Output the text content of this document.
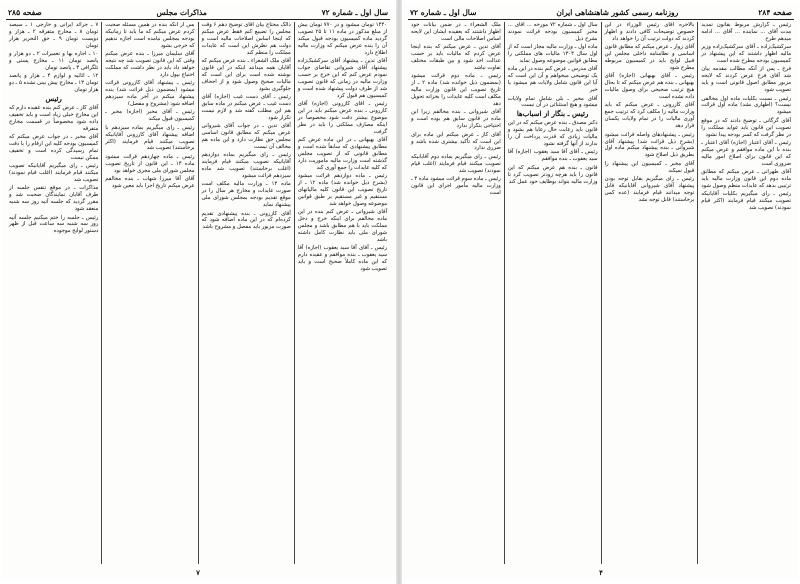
سال اول ـ شماره ۷۲
مذاکرات مجلس
صفحه ۲۸۵

۱۴۴۰ تومان میشود و در ۷۷۰ تومان بیش از مبلغ مذکور در ماده ۱۱ تا ۲۵ تصویب گردید ماده کمیسیون بودجه قبول میکند آن را بنده عرض میکنم که وزارت مالیه اطلاع دارد

آقای تدین ـ پیشنهاد آقای سرکشیک‌زاده پیشنهاد آقای شیروانی تقاضای جواب نمودم عرض کنم که این خرج بر حسب وزارت مالیه در زمانی که قانون تصویب شد از طرف دولت پیشنهاد شده است و کمیسیون هم قبول کرد

رئیس ـ اقای کازرونی (اجازه) آقای کازرونی ـ بنده عرض میکنم باید در این موضوع بیشتر دقت شود مخصوصاً در اینکه مصارف مملکتی را باید در نظر گرفت

آقای بهبهانی ـ در این ماده عرض کنم مطابق پیشنهادی که سابقاً شده است و مطابق قانونی که از تصویب مجلس گذشته است وزارت مالیه ماموریت دارد که کلیه عایدات را جمع آوری کند

رئیس ـ ماده دوازدهم قرائت میشود (بشرح ذیل خوانده شد) ماده ۱۲ ـ از تاریخ تصویب این قانون کلیه مالیاتهای مستقیم و غیر مستقیم بر طبق قوانین موضوعه وصول خواهد شد

آقای شیروانی ـ عرض کنم بنده در این ماده مخالفم برای اینکه خرج و دخل مملکت باید با هم مطابق باشد و مجلس شورای ملی باید نظارت کامل داشته باشد

رئیس ـ آقای آقا سید یعقوب (اجازه) آقا سید یعقوب ـ بنده موافقم و عقیده دارم که این ماده کاملاً صحیح است و باید تصویب شود

ذالک محتاج بیان آقای توضیح دهم ۶ وقت مجلس را تضییع کنم فقط عرض میکنم که اینجا اساس اصلاحات مالیه است و دولت هم نظرش این است که عایدات مملکت را منظم کند

آقای ملک الشعراء ـ بنده عرض میکنم که آقایان همه میدانند اینکه در این قانون نوشته شده است برای این است که مالیات صحیح وصول شود و از اجحاف جلوگیری بشود

رئیس ـ آقای دست غیب (اجازه) آقای دست غیب ـ عرض میکنم در ماده سابق هم این مطلب گفته شد و لازم نیست تکرار شود

آقای تدین ـ در جواب آقای شیروانی عرض میکنم که مطابق قانون اساسی مجلس حق نظارت دارد و این ماده هم مخالف آن نیست

رئیس ـ رای میگیریم بماده دوازدهم آقایانیکه تصویب میکنند قیام فرمایند (اغلب برخاستند) تصویب شد ماده سیزدهم قرائت میشود

ماده ۱۳ ـ وزارت مالیه مکلف است صورت عایدات و مخارج هر سال را در موقع تقدیم بودجه بمجلس شورای ملی پیشنهاد نماید

آقای کازرونی ـ بنده پیشنهادی تقدیم کرده‌ام که در این ماده اضافه شود که صورت مزبور باید مفصل و مشروح باشد

بس از آنکه بنده در همین مسئله صحبت کردم عرض میکنم که ما باید تا زمانیکه بودجه بمجلس نیامده است اجازه ندهیم که خرجی بشود

آقای سلیمان میرزا ـ بنده عرض میکنم وقتی که این قانون تصویب شد چه نتیجه خواهد داد باید در نظر داشت که مملکت احتیاج بپول دارد

رئیس ـ پیشنهاد آقای کازرونی قرائت میشود (بمضمون ذیل قرائت شد) بنده پیشنهاد میکنم در آخر ماده سیزدهم اضافه شود (مشروح و مفصل)

رئیس ـ آقای مخبر (اجازه) مخبر ـ کمیسیون قبول میکند

رئیس ـ رای میگیریم بماده سیزدهم با اضافه پیشنهاد آقای کازرونی آقایانیکه تصویب میکنند قیام فرمایند (اکثر برخاستند) تصویب شد

رئیس ـ ماده چهاردهم قرائت میشود ماده ۱۴ ـ این قانون از تاریخ تصویب مجلس شورای ملی مجری خواهد بود

آقای آقا میرزا شهاب ـ بنده مخالفم عرض میکنم تاریخ اجرا باید معین شود

۷ ـ جرائد ایرانی و خارجی ۱ ـ سیصد تومان ۸ ـ مخارج متفرقه ۲ ـ هزار و دویست تومان ۹ ـ حق التحریر هزار تومان

۱۰ ـ اجاره بها و تعمیرات ۲ ـ دو هزار و پانصد تومان ۱۱ ـ مخارج پستی و تلگرافی ۳ ـ پانصد تومان

۱۲ ـ اثاثیه و لوازم ۴ ـ هزار و پانصد تومان ۱۳ ـ مخارج پیش بینی نشده ۵ ـ دو هزار تومان

رئیس

آقای کاز ـ عرض کنم بنده عقیده دارم که این مخارج خیلی زیاد است و باید تخفیف داده شود مخصوصاً در قسمت مخارج متفرقه

آقای مخبر ـ در جواب عرض میکنم که کمیسیون بودجه کلیه این ارقام را با دقت تمام رسیدگی کرده است و تخفیف ممکن نیست

رئیس ـ رای میگیریم آقایانیکه تصویب میکنند قیام فرمایند (اغلب قیام نمودند) تصویب شد

مذاکرات ـ در موقع تنفس جلسه از طرف آقایان نمایندگان صحبت شد و مقرر گردید که جلسه آتیه روز سه شنبه منعقد شود

رئیس ـ جلسه را ختم میکنیم جلسه آتیه روز سه شنبه سه ساعت قبل از ظهر دستور لوایح موجوده

۷
صفحه ۲۸۴
روزنامه رسمی کشور شاهنشاهی ایران
سال اول ـ شماره ۷۲

رئیس ـ گزارش مربوط بقانون تمدید مدت آقای ... نماینده ... آقای ... ادامه میدهم طرح

سرکشیک‌زاده ـ آقای سرکشیک‌زاده وزیر مالیه اظهار داشتند که این پیشنهاد در کمیسیون بودجه مطرح شده است

فرخ ـ پس از آنکه مطالب مقدمه بیان شد آقای فرخ عرض کردند که لایحه مزبور مطابق اصول قانونی است و باید تصویب شود

رئیس ـ نسبت بکلیات ماده اول مخالفی نیست؟ (اظهاری نشد) ماده اول قرائت میشود

آقای گرگانی ـ توضیح دادند که در موقع تصویب این قانون باید عواید مملکت را در نظر گرفت که کسر بودجه پیدا نشود

رئیس ـ آقای اعتبار (اجازه) آقای اعتبار ـ بنده با این ماده موافقم و عرض میکنم که این قانون برای اصلاح امور مالیه ضروری است

آقای طهرانی ـ عرض میکنم که مطابق ماده دوم این قانون وزارت مالیه باید ترتیبی بدهد که عایدات منظم وصول شود

رئیس ـ رای میگیریم بکلیات آقایانیکه تصویب میکنند قیام فرمایند (اکثر قیام نمودند) تصویب شد

بالاخره آقای رئیس الوزراء در این خصوص توضیحات کافی دادند و اظهار کردند که دولت ترتیب آن را خواهد داد

آقای زوار ـ عرض میکنم که مطابق قانون اساسی و نظامنامه داخلی مجلس این قبیل لوایح باید در کمیسیون مربوطه مطرح شود

رئیس ـ آقای بهبهانی (اجازه) آقای بهبهانی ـ بنده هم عرض میکنم که تا بحال هیچ ترتیب صحیحی برای وصول مالیات داده نشده است

آقای کازرونی ـ عرض میکنم که باید وزارت مالیه را مکلف کرد که ترتیب جمع آوری مالیات را در تمام ولایات یکسان قرار دهد

رئیس ـ پیشنهادهای واصله قرائت میشود (بشرح ذیل قرائت شد) پیشنهاد آقای شیروانی ـ بنده پیشنهاد میکنم ماده اول بطریق ذیل اصلاح شود

آقای مخبر ـ کمیسیون این پیشنهاد را قبول نمیکند

رئیس ـ رای میگیریم بقابل توجه بودن پیشنهاد آقای شیروانی آقایانیکه قابل توجه میدانند قیام فرمایند (عده کمی برخاستند) قابل توجه نشد

سال اول ـ شماره ۷۲ مورخه ... آقای ... مخبر کمیسیون بودجه قرائت نمودند بشرح ذیل

ماده اول ـ وزارت مالیه مجاز است که از اول سال ۱۳۰۴ مالیات های مملکتی را مطابق قوانین موضوعه وصول نماید

آقای مدرس ـ عرض کنم بنده در این ماده یک توضیحی میخواهم و آن این است که آیا این قانون شامل ولایات هم میشود یا خیر

آقای مخبر ـ بلی شامل تمام ولایات میشود و هیچ استثنائی در آن نیست

رئیس ـ بنگار از اسباب‌ها

دکتر مصدق ـ بنده عرض میکنم که در این قانون باید رعایت حال رعایا هم بشود و مالیات زیادی که قدرت پرداخت آن را ندارند از آنها گرفته نشود

رئیس ـ آقای آقا سید یعقوب (اجازه) آقا سید یعقوب ـ بنده موافقم

قانون ـ بنده هم عرض میکنم که این قانون را باید هرچه زودتر تصویب کرد تا وزارت مالیه بتواند بوظایف خود عمل کند

ملک الشعراء ـ در ضمن بیانات خود اظهار داشتند که بعقیده ایشان این لایحه اساس اصلاحات مالی است

آقای تدین ـ عرض میکنم که بنده اینجا عرض کردم که مالیات باید بر حسب عدالت اخذ شود و بین طبقات مختلف تفاوت نباشد

رئیس ـ ماده دوم قرائت میشود (بمضمون ذیل خوانده شد) ماده ۲ ـ از تاریخ تصویب این قانون وزارت مالیه مکلف است کلیه عایدات را بخزانه تحویل دهد

آقای شیروانی ـ بنده مخالفم زیرا این ماده در قانون سابق هم بوده است و احتیاجی بتکرار ندارد

آقای کاز ـ عرض میکنم این ماده برای این است که تأکید بیشتری شده باشد و ضرری ندارد

رئیس ـ رای میگیریم بماده دوم آقایانیکه تصویب میکنند قیام فرمایند (اغلب قیام نمودند) تصویب شد

رئیس ـ ماده سوم قرائت میشود ماده ۳ ـ وزارت مالیه مأمور اجرای این قانون است

۴
